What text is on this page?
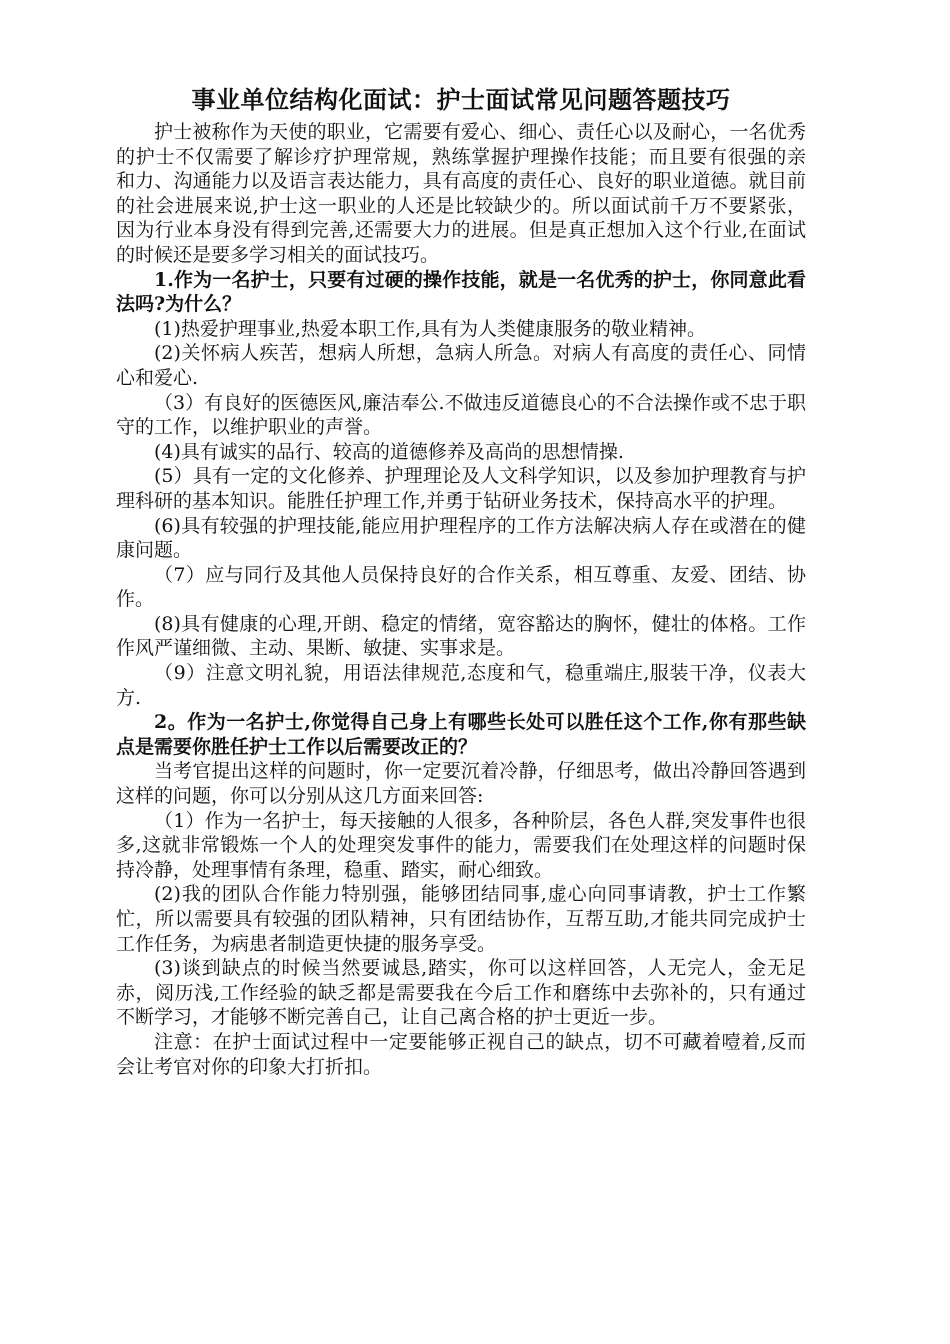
事业单位结构化面试：护士面试常见问题答题技巧

护士被称作为天使的职业，它需要有爱心、细心、责任心以及耐心，一名优秀的护士不仅需要了解诊疗护理常规，熟练掌握护理操作技能；而且要有很强的亲 和力、沟通能力以及语言表达能力，具有高度的责任心、良好的职业道德。就目前的社会进展来说,护士这一职业的人还是比较缺少的。所以面试前千万不要紧张，因为行业本身没有得到完善,还需要大力的进展。但是真正想加入这个行业,在面试的时候还是要多学习相关的面试技巧。

1.作为一名护士，只要有过硬的操作技能，就是一名优秀的护士，你同意此看法吗?为什么？

(1)热爱护理事业,热爱本职工作,具有为人类健康服务的敬业精神。

(2)关怀病人疾苦，想病人所想，急病人所急。对病人有高度的责任心、同情心和爱心.

（3）有良好的医德医风,廉洁奉公.不做违反道德良心的不合法操作或不忠于职守的工作，以维护职业的声誉。

(4)具有诚实的品行、较高的道德修养及高尚的思想情操.

(5）具有一定的文化修养、护理理论及人文科学知识，以及参加护理教育与护理科研的基本知识。能胜任护理工作,并勇于钻研业务技术，保持高水平的护理。

(6)具有较强的护理技能,能应用护理程序的工作方法解决病人存在或潜在的健康问题。

（7）应与同行及其他人员保持良好的合作关系，相互尊重、友爱、团结、协作。

(8)具有健康的心理,开朗、稳定的情绪，宽容豁达的胸怀，健壮的体格。工作作风严谨细微、主动、果断、敏捷、实事求是。

（9）注意文明礼貌，用语法律规范,态度和气，稳重端庄,服装干净，仪表大方.

2。作为一名护士,你觉得自己身上有哪些长处可以胜任这个工作,你有那些缺点是需要你胜任护士工作以后需要改正的？

当考官提出这样的问题时，你一定要沉着冷静，仔细思考，做出冷静回答遇到这样的问题，你可以分别从这几方面来回答:

（1）作为一名护士，每天接触的人很多，各种阶层，各色人群,突发事件也很多,这就非常锻炼一个人的处理突发事件的能力，需要我们在处理这样的问题时保持冷静，处理事情有条理，稳重、踏实，耐心细致。

(2)我的团队合作能力特别强，能够团结同事,虚心向同事请教，护士工作繁忙，所以需要具有较强的团队精神，只有团结协作，互帮互助,才能共同完成护士工作任务，为病患者制造更快捷的服务享受。

(3)谈到缺点的时候当然要诚恳,踏实，你可以这样回答，人无完人，金无足赤，阅历浅,工作经验的缺乏都是需要我在今后工作和磨练中去弥补的，只有通过不断学习，才能够不断完善自己，让自己离合格的护士更近一步。

注意：在护士面试过程中一定要能够正视自己的缺点，切不可藏着噎着,反而会让考官对你的印象大打折扣。
